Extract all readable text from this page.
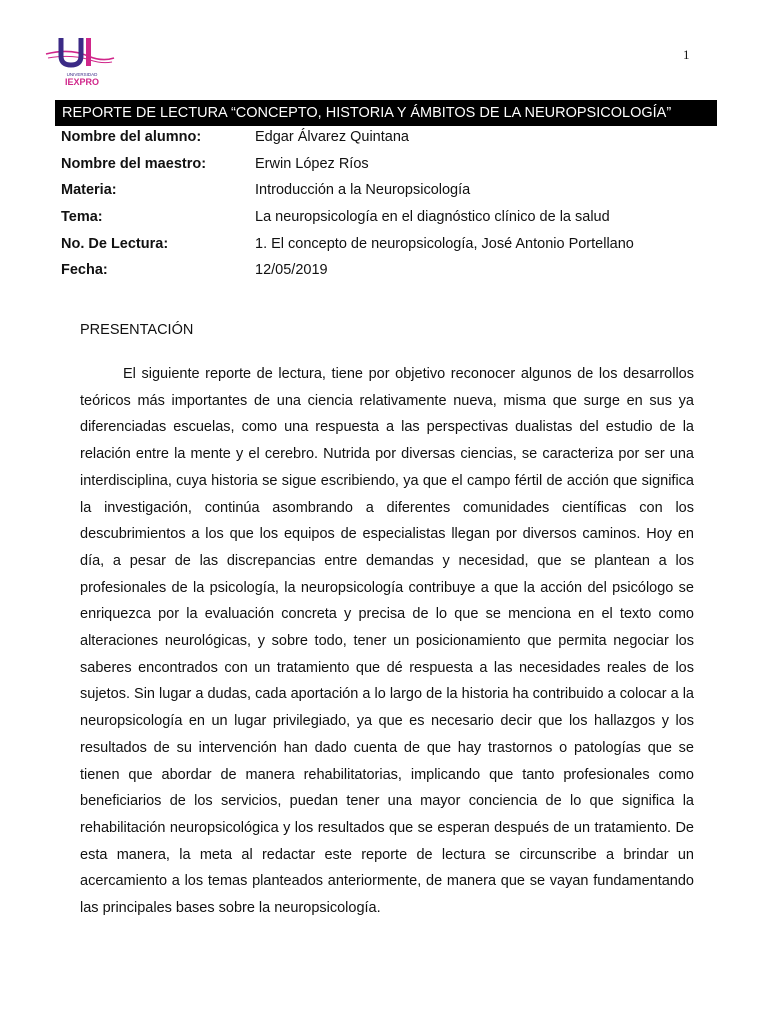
UNIVERSIDAD
IEXPRO
1
REPORTE DE LECTURA “CONCEPTO, HISTORIA Y ÁMBITOS DE LA NEUROPSICOLOGÍA”
Nombre del alumno:	Edgar Álvarez Quintana
Nombre del maestro:	Erwin López Ríos
Materia:	Introducción a la Neuropsicología
Tema:	La neuropsicología en el diagnóstico clínico de la salud
No. De Lectura:	1. El concepto de neuropsicología, José Antonio Portellano
Fecha:	12/05/2019
PRESENTACIÓN

El siguiente reporte de lectura, tiene por objetivo reconocer algunos de los desarrollos teóricos más importantes de una ciencia relativamente nueva, misma que surge en sus ya diferenciadas escuelas, como una respuesta a las perspectivas dualistas del estudio de la relación entre la mente y el cerebro. Nutrida por diversas ciencias, se caracteriza por ser una interdisciplina, cuya historia se sigue escribiendo, ya que el campo fértil de acción que significa la investigación, continúa asombrando a diferentes comunidades científicas con los descubrimientos a los que los equipos de especialistas llegan por diversos caminos. Hoy en día, a pesar de las discrepancias entre demandas y necesidad, que se plantean a los profesionales de la psicología, la neuropsicología contribuye a que la acción del psicólogo se enriquezca por la evaluación concreta y precisa de lo que se menciona en el texto como alteraciones neurológicas, y sobre todo, tener un posicionamiento que permita negociar los saberes encontrados con un tratamiento que dé respuesta a las necesidades reales de los sujetos. Sin lugar a dudas, cada aportación a lo largo de la historia ha contribuido a colocar a la neuropsicología en un lugar privilegiado, ya que es necesario decir que los hallazgos y los resultados de su intervención han dado cuenta de que hay trastornos o patologías que se tienen que abordar de manera rehabilitatorias, implicando que tanto profesionales como beneficiarios de los servicios, puedan tener una mayor conciencia de lo que significa la rehabilitación neuropsicológica y los resultados que se esperan después de un tratamiento. De esta manera, la meta al redactar este reporte de lectura se circunscribe a brindar un acercamiento a los temas planteados anteriormente, de manera que se vayan fundamentando las principales bases sobre la neuropsicología.
